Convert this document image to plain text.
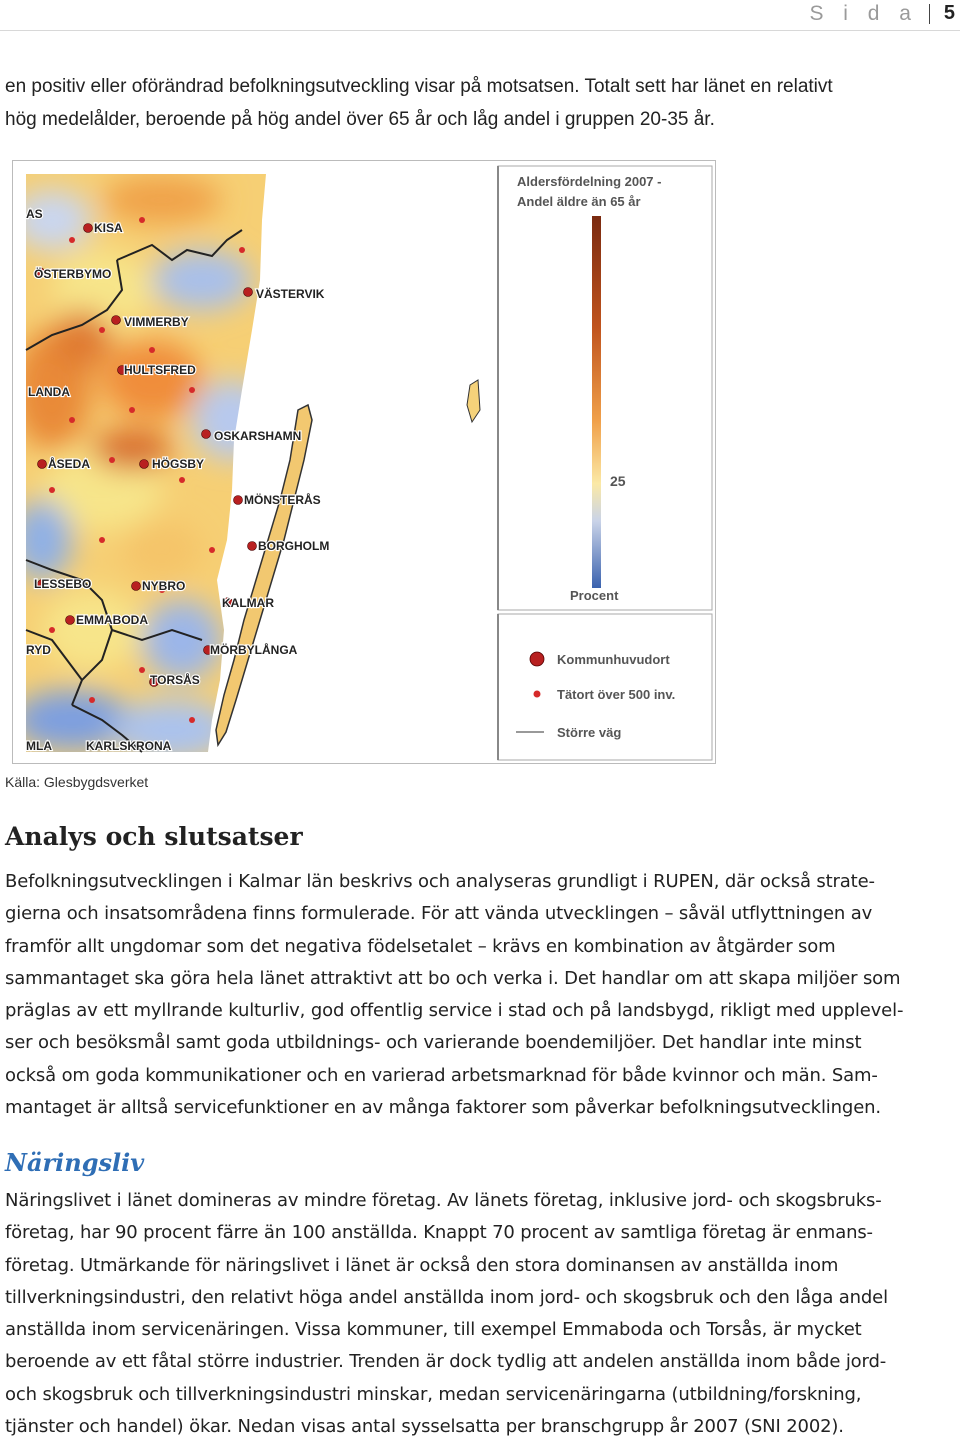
S i d a 5
en positiv eller oförändrad befolkningsutveckling visar på motsatsen. Totalt sett har länet en relativt
hög medelålder, beroende på hög andel över 65 år och låg andel i gruppen 20-35 år.
KISA
ÖSTERBYMO
VÄSTERVIK
VIMMERBY
HULTSFRED
LANDA
OSKARSHAMN
ÅSEDA	HÖGSBY
MÖNSTERÅS
BORGHOLM
LESSEBO	NYBRO
KALMAR
EMMABODA
MÖRBYLÅNGA
TORSÅS
KARLSKRONA
AS
RYD
MLA
Aldersfördelning 2007 -
Andel äldre än 65 år
25
Procent
Kommunhuvudort
Tätort över 500 inv.
Större väg
Källa: Glesbygdsverket
Analys och slutsatser
Befolkningsutvecklingen i Kalmar län beskrivs och analyseras grundligt i RUPEN, där också strate-
gierna och insatsområdena finns formulerade. För att vända utvecklingen – såväl utflyttningen av
framför allt ungdomar som det negativa födelsetalet – krävs en kombination av åtgärder som
sammantaget ska göra hela länet attraktivt att bo och verka i. Det handlar om att skapa miljöer som
präglas av ett myllrande kulturliv, god offentlig service i stad och på landsbygd, rikligt med upplevel-
ser och besöksmål samt goda utbildnings- och varierande boendemiljöer. Det handlar inte minst
också om goda kommunikationer och en varierad arbetsmarknad för både kvinnor och män. Sam-
mantaget är alltså servicefunktioner en av många faktorer som påverkar befolkningsutvecklingen.
Näringsliv
Näringslivet i länet domineras av mindre företag. Av länets företag, inklusive jord- och skogsbruks-
företag, har 90 procent färre än 100 anställda. Knappt 70 procent av samtliga företag är enmans-
företag. Utmärkande för näringslivet i länet är också den stora dominansen av anställda inom
tillverkningsindustri, den relativt höga andel anställda inom jord- och skogsbruk och den låga andel
anställda inom servicenäringen. Vissa kommuner, till exempel Emmaboda och Torsås, är mycket
beroende av ett fåtal större industrier. Trenden är dock tydlig att andelen anställda inom både jord-
och skogsbruk och tillverkningsindustri minskar, medan servicenäringarna (utbildning/forskning,
tjänster och handel) ökar. Nedan visas antal sysselsatta per branschgrupp år 2007 (SNI 2002).
